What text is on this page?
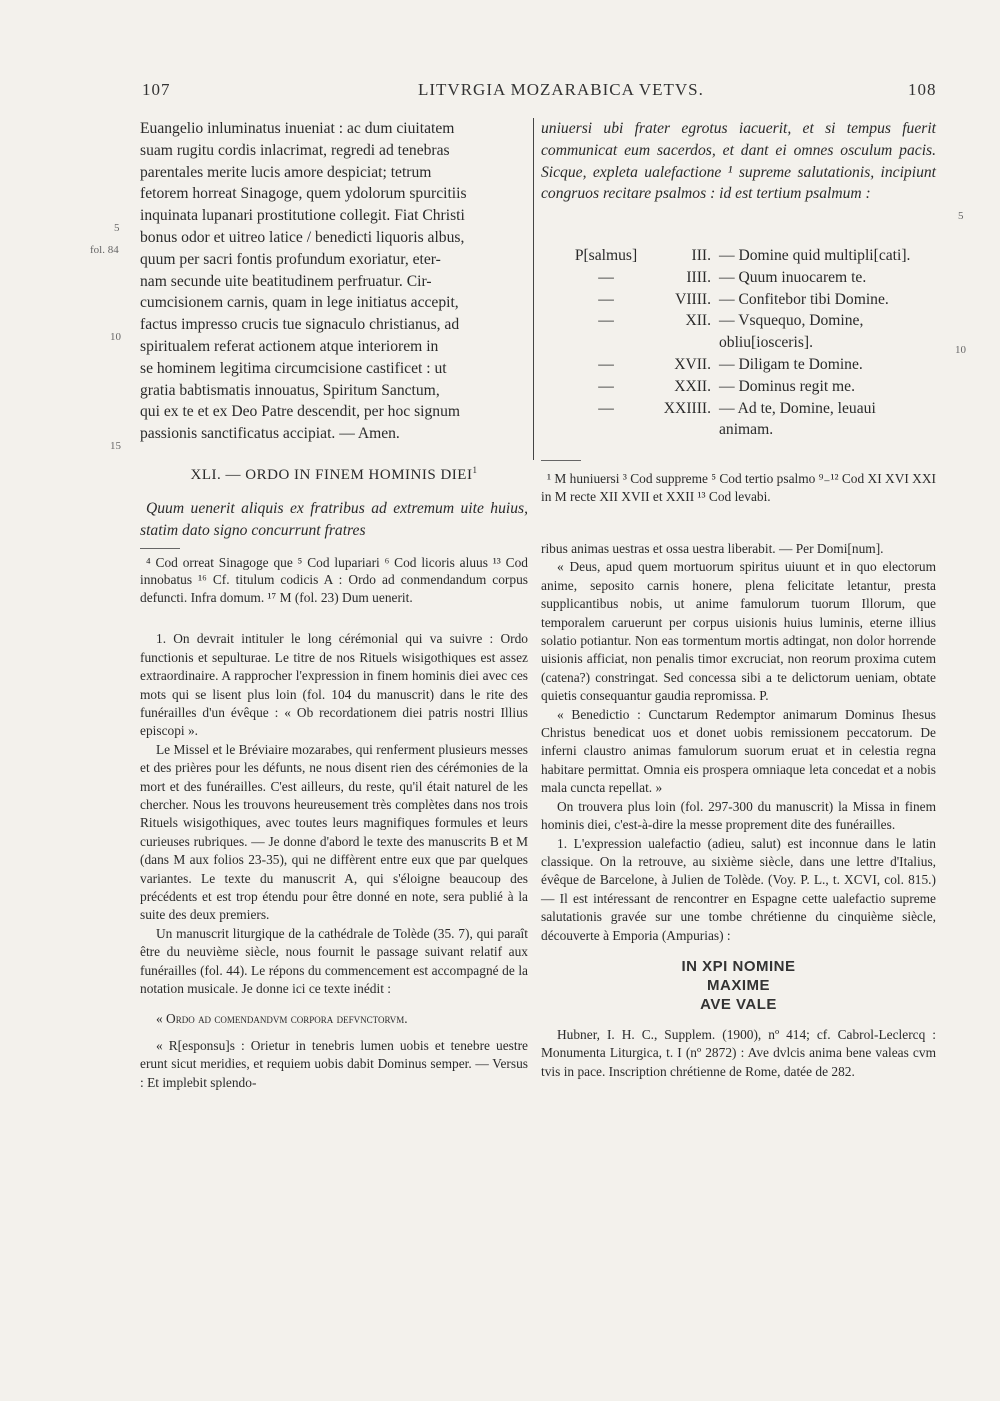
107	LITVRGIA MOZARABICA VETVS.	108
5
fol. 84
10
15
5
10
Euangelio inluminatus inueniat : ac dum ciuitatem
suam rugitu cordis inlacrimat, regredi ad tenebras
parentales merite lucis amore despiciat; tetrum
fetorem horreat Sinagoge, quem ydolorum spurcitiis
inquinata lupanari prostitutione collegit. Fiat Christi
bonus odor et uitreo latice / benedicti liquoris albus,
quum per sacri fontis profundum exoriatur, eter-
nam secunde uite beatitudinem perfruatur. Cir-
cumcisionem carnis, quam in lege initiatus accepit,
factus impresso crucis tue signaculo christianus, ad
spiritualem referat actionem atque interiorem in
se hominem legitima circumcisione castificet : ut
gratia babtismatis innouatus, Spiritum Sanctum,
qui ex te et ex Deo Patre descendit, per hoc signum
passionis sanctificatus accipiat. — Amen.
XLI. — ORDO IN FINEM HOMINIS DIEI$^1$

Quum uenerit aliquis ex fratribus ad extremum uite huius, statim dato signo concurrunt fratres

⁴ Cod orreat Sinagoge que ⁵ Cod lupariari ⁶ Cod licoris aluus ¹³ Cod innobatus ¹⁶ Cf. titulum codicis A : Ordo ad conmendandum corpus defuncti. Infra domum. ¹⁷ M (fol. 23) Dum uenerit.

1. On devrait intituler le long cérémonial qui va suivre : Ordo functionis et sepulturae. Le titre de nos Rituels wisigothiques est assez extraordinaire. A rapprocher l'expression in finem hominis diei avec ces mots qui se lisent plus loin (fol. 104 du manuscrit) dans le rite des funérailles d'un évêque : « Ob recordationem diei patris nostri Illius episcopi ».

Le Missel et le Bréviaire mozarabes, qui renferment plusieurs messes et des prières pour les défunts, ne nous disent rien des cérémonies de la mort et des funérailles. C'est ailleurs, du reste, qu'il était naturel de les chercher. Nous les trouvons heureusement très complètes dans nos trois Rituels wisigothiques, avec toutes leurs magnifiques formules et leurs curieuses rubriques. — Je donne d'abord le texte des manuscrits B et M (dans M aux folios 23-35), qui ne diffèrent entre eux que par quelques variantes. Le texte du manuscrit A, qui s'éloigne beaucoup des précédents et est trop étendu pour être donné en note, sera publié à la suite des deux premiers.

Un manuscrit liturgique de la cathédrale de Tolède (35. 7), qui paraît être du neuvième siècle, nous fournit le passage suivant relatif aux funérailles (fol. 44). Le répons du commencement est accompagné de la notation musicale. Je donne ici ce texte inédit :

« Ordo ad comendandvm corpora defvnctorvm.

« R[esponsu]s : Orietur in tenebris lumen uobis et tenebre uestre erunt sicut meridies, et requiem uobis dabit Dominus semper. — Versus : Et implebit splendo-

uniuersi ubi frater egrotus iacuerit, et si tempus fuerit communicat eum sacerdos, et dant ei omnes osculum pacis. Sicque, expleta ualefactione ¹ supreme salutationis, incipiunt congruos recitare psalmos : id est tertium psalmum :

P[salmus]	III. — Domine quid multipli[cati].
—	IIII. — Quum inuocarem te.
—	VIIII. — Confitebor tibi Domine.
—	XII. — Vsquequo, Domine, obliu[iosceris].
—	XVII. — Diligam te Domine.
—	XXII. — Dominus regit me.
—	XXIIII. — Ad te, Domine, leuaui animam.

¹ M huniuersi ³ Cod suppreme ⁵ Cod tertio psalmo ⁹₋¹² Cod XI XVI XXI in M recte XII XVII et XXII ¹³ Cod levabi.

ribus animas uestras et ossa uestra liberabit. — Per Domi[num].

« Deus, apud quem mortuorum spiritus uiuunt et in quo electorum anime, seposito carnis honere, plena felicitate letantur, presta supplicantibus nobis, ut anime famulorum tuorum Illorum, que temporalem caruerunt per corpus uisionis huius luminis, eterne illius solatio potiantur. Non eas tormentum mortis adtingat, non dolor horrende uisionis afficiat, non penalis timor excruciat, non reorum proxima cutem (catena?) constringat. Sed concessa sibi a te delictorum ueniam, obtate quietis consequantur gaudia repromissa. P.

« Benedictio : Cunctarum Redemptor animarum Dominus Ihesus Christus benedicat uos et donet uobis remissionem peccatorum. De inferni claustro animas famulorum suorum eruat et in celestia regna habitare permittat. Omnia eis prospera omniaque leta concedat et a nobis mala cuncta repellat. »

On trouvera plus loin (fol. 297-300 du manuscrit) la Missa in finem hominis diei, c'est-à-dire la messe proprement dite des funérailles.

1. L'expression ualefactio (adieu, salut) est inconnue dans le latin classique. On la retrouve, au sixième siècle, dans une lettre d'Italius, évêque de Barcelone, à Julien de Tolède. (Voy. P. L., t. XCVI, col. 815.) — Il est intéressant de rencontrer en Espagne cette ualefactio supreme salutationis gravée sur une tombe chrétienne du cinquième siècle, découverte à Emporia (Ampurias) :

IN XPI NOMINE
MAXIME
AVE VALE

Hubner, I. H. C., Supplem. (1900), nº 414; cf. Cabrol-Leclercq : Monumenta Liturgica, t. I (nº 2872) : Ave dvlcis anima bene valeas cvm tvis in pace. Inscription chrétienne de Rome, datée de 282.
